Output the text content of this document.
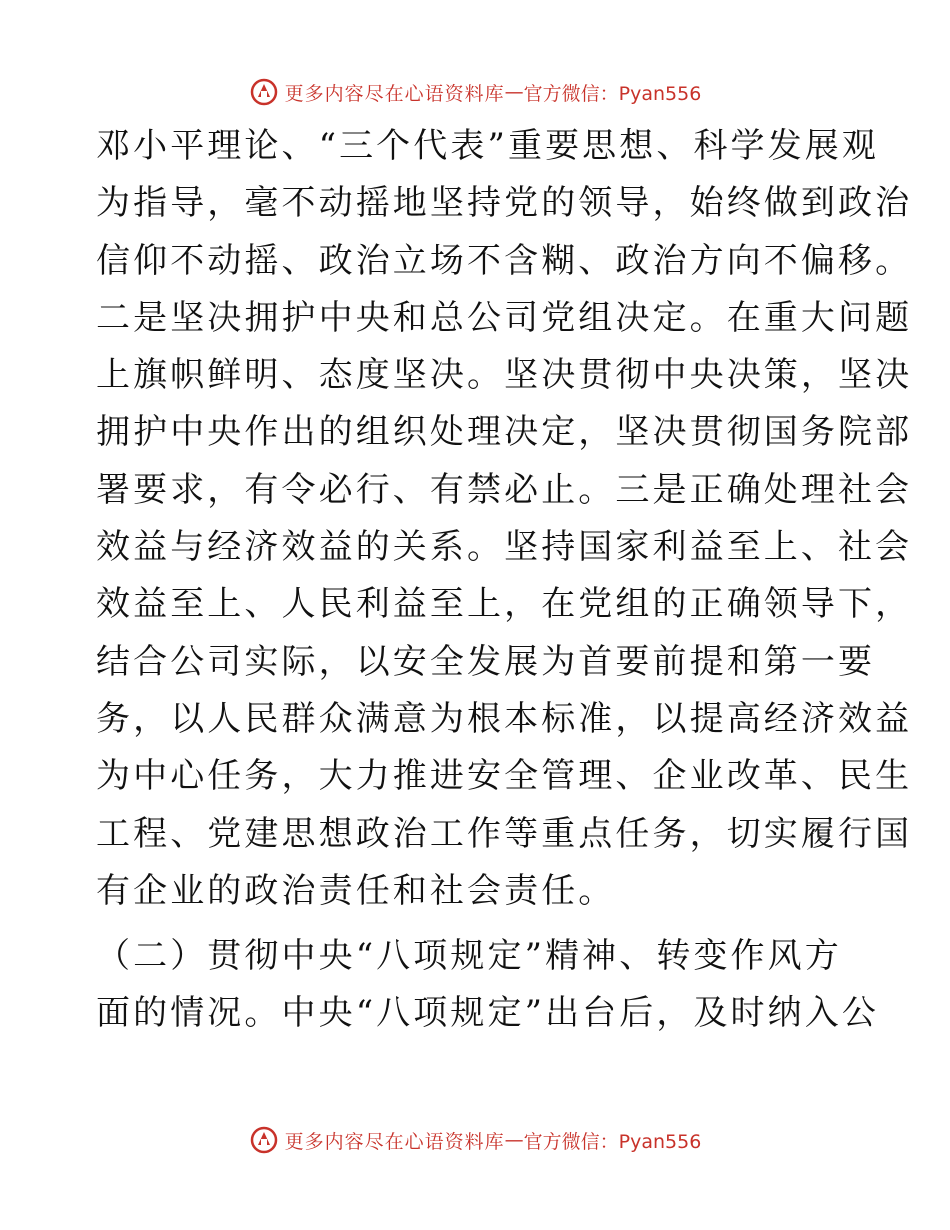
更多内容尽在心语资料库 — 官方微信：Pyan556
邓小平理论、“三个代表”重要思想、科学发展观
为指导，毫不动摇地坚持党的领导，始终做到政治
信仰不动摇、政治立场不含糊、政治方向不偏移。
二是坚决拥护中央和总公司党组决定。在重大问题
上旗帜鲜明、态度坚决。坚决贯彻中央决策，坚决
拥护中央作出的组织处理决定，坚决贯彻国务院部
署要求，有令必行、有禁必止。三是正确处理社会
效益与经济效益的关系。坚持国家利益至上、社会
效益至上、人民利益至上，在党组的正确领导下，
结合公司实际，以安全发展为首要前提和第一要
务，以人民群众满意为根本标准，以提高经济效益
为中心任务，大力推进安全管理、企业改革、民生
工程、党建思想政治工作等重点任务，切实履行国
有企业的政治责任和社会责任。
（二）贯彻中央“八项规定”精神、转变作风方
面的情况。中央“八项规定”出台后，及时纳入公
更多内容尽在心语资料库 — 官方微信：Pyan556
